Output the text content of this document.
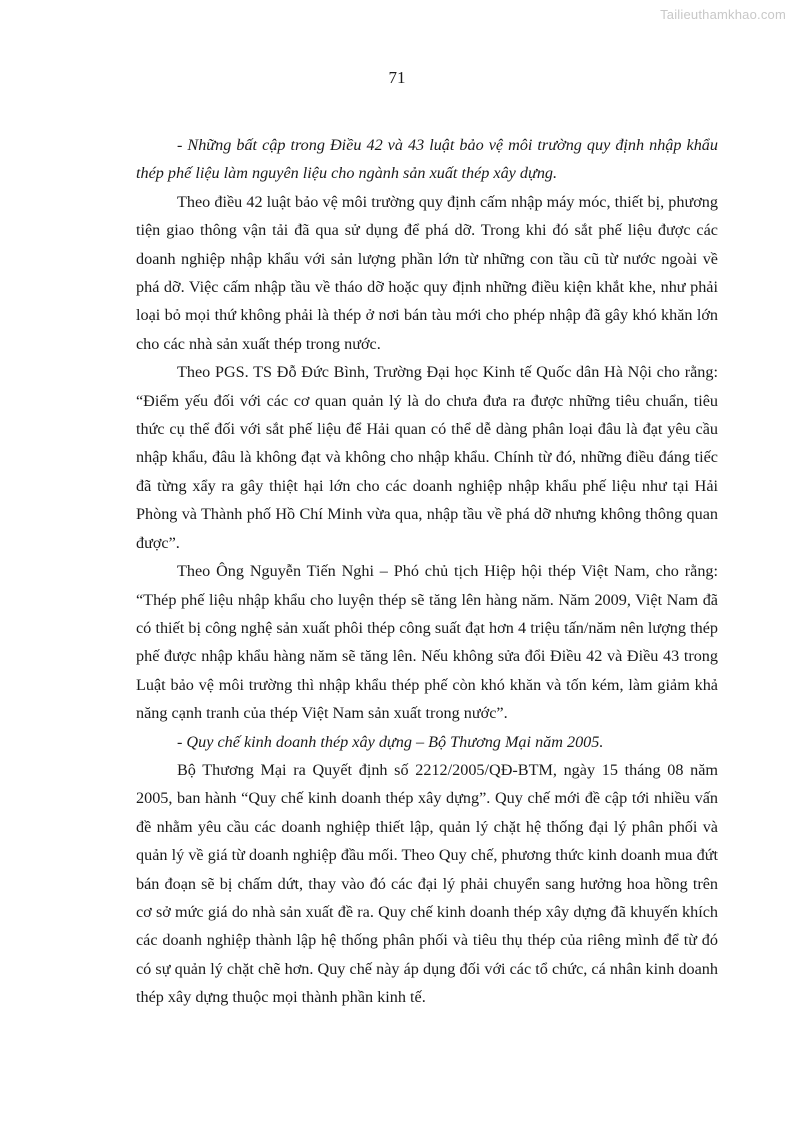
Tailieuthamkhao.com
71

- Những bất cập trong Điều 42 và 43 luật bảo vệ môi trường quy định nhập khẩu thép phế liệu làm nguyên liệu cho ngành sản xuất thép xây dựng.

Theo điều 42 luật bảo vệ môi trường quy định cấm nhập máy móc, thiết bị, phương tiện giao thông vận tải đã qua sử dụng để phá dỡ. Trong khi đó sắt phế liệu được các doanh nghiệp nhập khẩu với sản lượng phần lớn từ những con tầu cũ từ nước ngoài về phá dỡ. Việc cấm nhập tầu về tháo dỡ hoặc quy định những điều kiện khắt khe, như phải loại bỏ mọi thứ không phải là thép ở nơi bán tàu mới cho phép nhập đã gây khó khăn lớn cho các nhà sản xuất thép trong nước.

Theo PGS. TS Đỗ Đức Bình, Trường Đại học Kinh tế Quốc dân Hà Nội cho rằng: “Điểm yếu đối với các cơ quan quản lý là do chưa đưa ra được những tiêu chuẩn, tiêu thức cụ thể đối với sắt phế liệu để Hải quan có thể dễ dàng phân loại đâu là đạt yêu cầu nhập khẩu, đâu là không đạt và không cho nhập khẩu. Chính từ đó, những điều đáng tiếc đã từng xẩy ra gây thiệt hại lớn cho các doanh nghiệp nhập khẩu phế liệu như tại Hải Phòng và Thành phố Hồ Chí Minh vừa qua, nhập tầu về phá dỡ nhưng không thông quan được”.

Theo Ông Nguyễn Tiến Nghi – Phó chủ tịch Hiệp hội thép Việt Nam, cho rằng: “Thép phế liệu nhập khẩu cho luyện thép sẽ tăng lên hàng năm. Năm 2009, Việt Nam đã có thiết bị công nghệ sản xuất phôi thép công suất đạt hơn 4 triệu tấn/năm nên lượng thép phế được nhập khẩu hàng năm sẽ tăng lên. Nếu không sửa đổi Điều 42 và Điều 43 trong Luật bảo vệ môi trường thì nhập khẩu thép phế còn khó khăn và tốn kém, làm giảm khả năng cạnh tranh của thép Việt Nam sản xuất trong nước”.

- Quy chế kinh doanh thép xây dựng – Bộ Thương Mại năm 2005.

Bộ Thương Mại ra Quyết định số 2212/2005/QĐ-BTM, ngày 15 tháng 08 năm 2005, ban hành “Quy chế kinh doanh thép xây dựng”. Quy chế mới đề cập tới nhiều vấn đề nhằm yêu cầu các doanh nghiệp thiết lập, quản lý chặt hệ thống đại lý phân phối và quản lý về giá từ doanh nghiệp đầu mối. Theo Quy chế, phương thức kinh doanh mua đứt bán đoạn sẽ bị chấm dứt, thay vào đó các đại lý phải chuyển sang hưởng hoa hồng trên cơ sở mức giá do nhà sản xuất đề ra. Quy chế kinh doanh thép xây dựng đã khuyến khích các doanh nghiệp thành lập hệ thống phân phối và tiêu thụ thép của riêng mình để từ đó có sự quản lý chặt chẽ hơn. Quy chế này áp dụng đối với các tổ chức, cá nhân kinh doanh thép xây dựng thuộc mọi thành phần kinh tế.
